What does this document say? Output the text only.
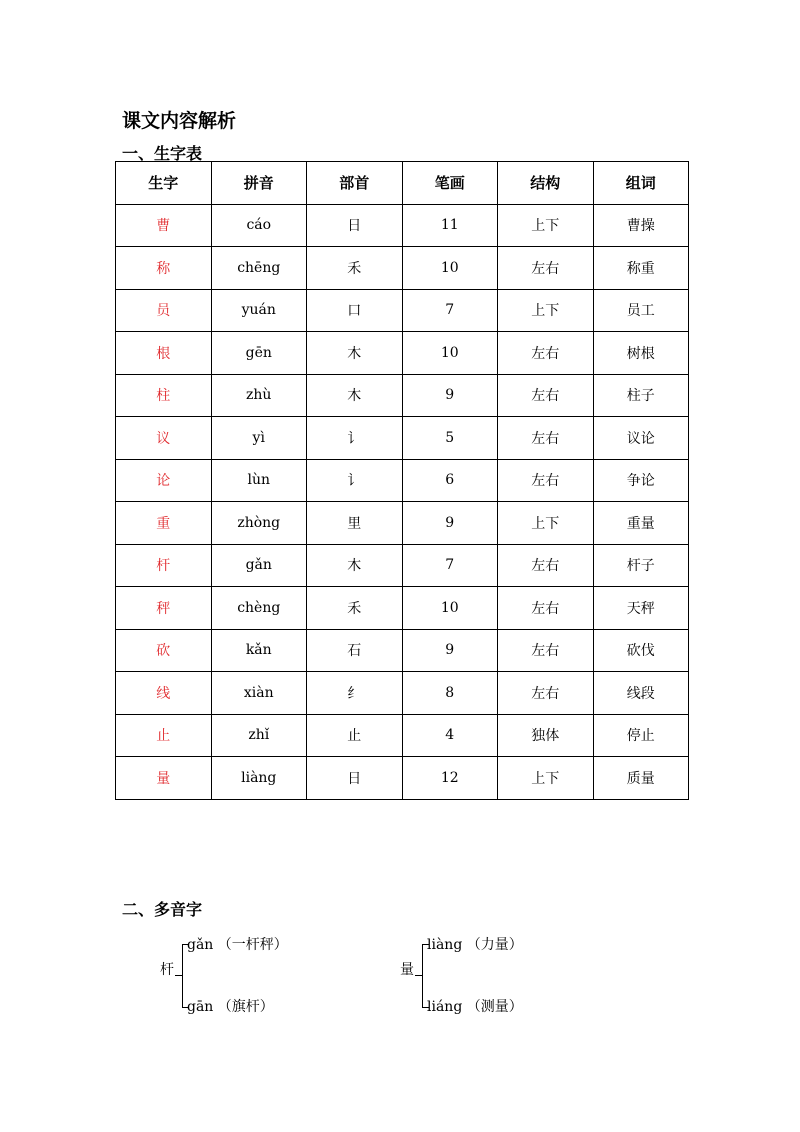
课文内容解析
一、生字表
生字	拼音	部首	笔画	结构	组词
曹	cáo	日	11	上下	曹操
称	chēng	禾	10	左右	称重
员	yuán	口	7	上下	员工
根	gēn	木	10	左右	树根
柱	zhù	木	9	左右	柱子
议	yì	讠	5	左右	议论
论	lùn	讠	6	左右	争论
重	zhòng	里	9	上下	重量
杆	gǎn	木	7	左右	杆子
秤	chèng	禾	10	左右	天秤
砍	kǎn	石	9	左右	砍伐
线	xiàn	纟	8	左右	线段
止	zhǐ	止	4	独体	停止
量	liàng	日	12	上下	质量
二、多音字
杆
gǎn （一杆秤）
gān （旗杆）
量
liàng （力量）
liáng （测量）
